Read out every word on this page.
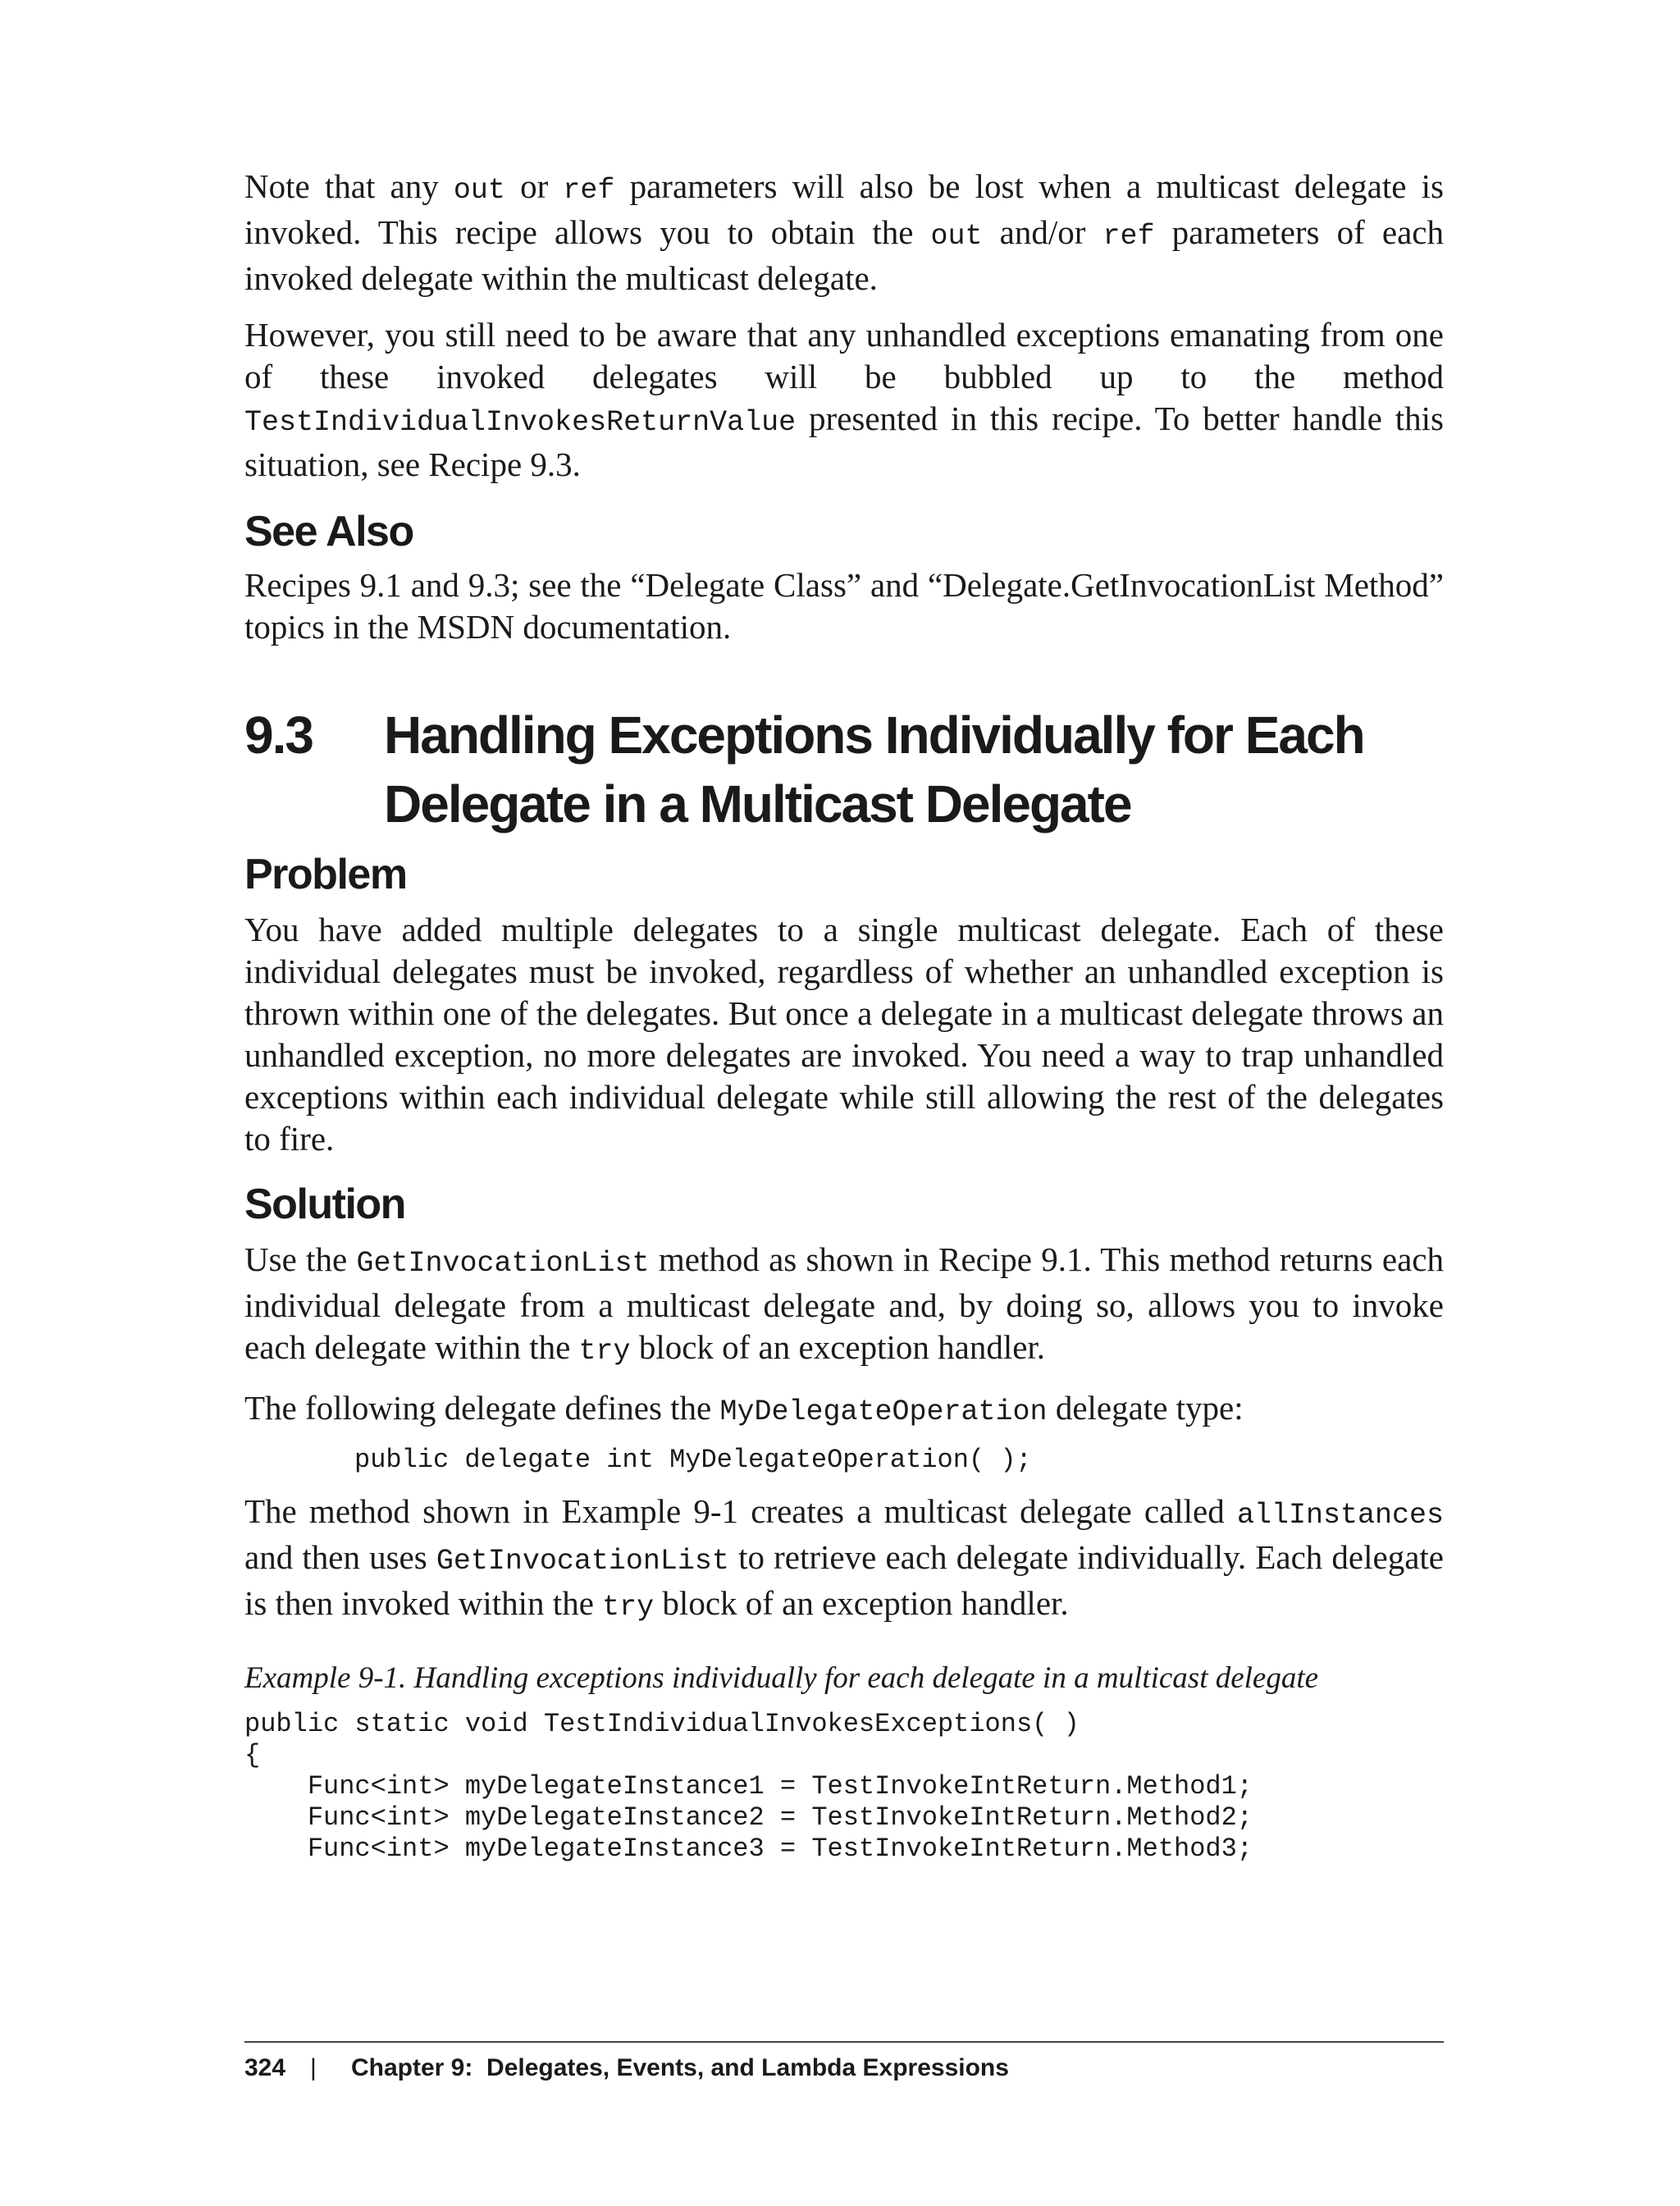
Note that any out or ref parameters will also be lost when a multicast delegate is invoked. This recipe allows you to obtain the out and/or ref parameters of each invoked delegate within the multicast delegate.

However, you still need to be aware that any unhandled exceptions emanating from one of these invoked delegates will be bubbled up to the method TestIndividualInvokesReturnValue presented in this recipe. To better handle this situation, see Recipe 9.3.

See Also

Recipes 9.1 and 9.3; see the “Delegate Class” and “Delegate.GetInvocationList Method” topics in the MSDN documentation.

9.3	Handling Exceptions Individually for Each
Delegate in a Multicast Delegate
Problem

You have added multiple delegates to a single multicast delegate. Each of these individual delegates must be invoked, regardless of whether an unhandled exception is thrown within one of the delegates. But once a delegate in a multicast delegate throws an unhandled exception, no more delegates are invoked. You need a way to trap unhandled exceptions within each individual delegate while still allowing the rest of the delegates to fire.

Solution

Use the GetInvocationList method as shown in Recipe 9.1. This method returns each individual delegate from a multicast delegate and, by doing so, allows you to invoke each delegate within the try block of an exception handler.

The following delegate defines the MyDelegateOperation delegate type:

public delegate int MyDelegateOperation( );

The method shown in Example 9-1 creates a multicast delegate called allInstances and then uses GetInvocationList to retrieve each delegate individually. Each delegate is then invoked within the try block of an exception handler.

Example 9-1. Handling exceptions individually for each delegate in a multicast delegate

public static void TestIndividualInvokesExceptions( )
{
Func<int> myDelegateInstance1 = TestInvokeIntReturn.Method1;
Func<int> myDelegateInstance2 = TestInvokeIntReturn.Method2;
Func<int> myDelegateInstance3 = TestInvokeIntReturn.Method3;
324 |	Chapter 9:  Delegates, Events, and Lambda Expressions
